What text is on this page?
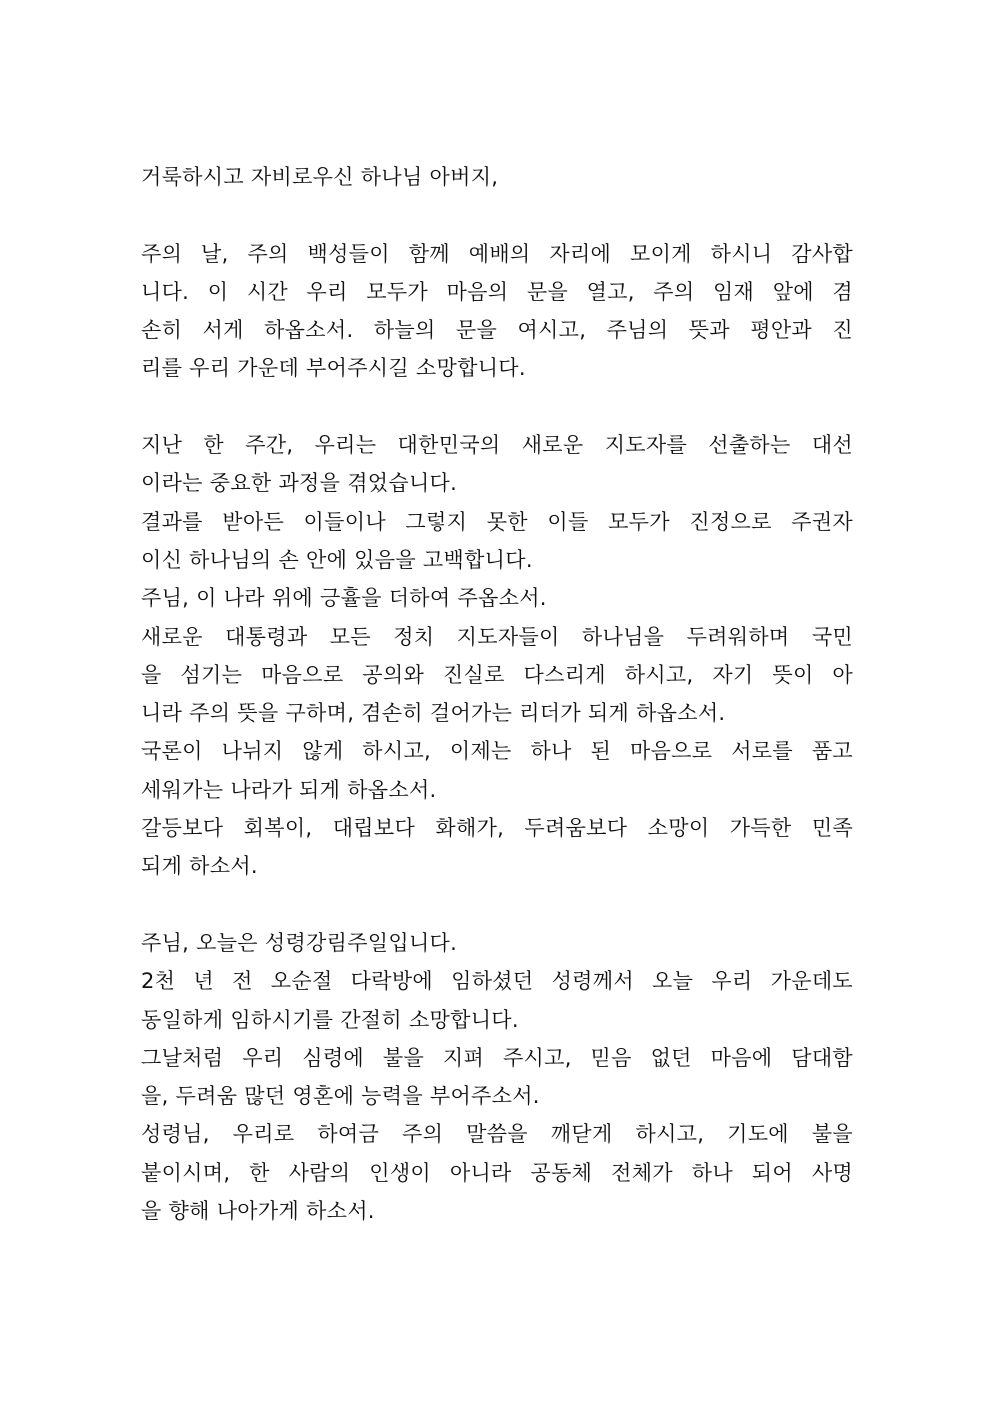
거룩하시고 자비로우신 하나님 아버지,
주의 날, 주의 백성들이 함께 예배의 자리에 모이게 하시니 감사합
니다. 이 시간 우리 모두가 마음의 문을 열고, 주의 임재 앞에 겸
손히 서게 하옵소서. 하늘의 문을 여시고, 주님의 뜻과 평안과 진
리를 우리 가운데 부어주시길 소망합니다.
지난 한 주간, 우리는 대한민국의 새로운 지도자를 선출하는 대선
이라는 중요한 과정을 겪었습니다.
결과를 받아든 이들이나 그렇지 못한 이들 모두가 진정으로 주권자
이신 하나님의 손 안에 있음을 고백합니다.
주님, 이 나라 위에 긍휼을 더하여 주옵소서.
새로운 대통령과 모든 정치 지도자들이 하나님을 두려워하며 국민
을 섬기는 마음으로 공의와 진실로 다스리게 하시고, 자기 뜻이 아
니라 주의 뜻을 구하며, 겸손히 걸어가는 리더가 되게 하옵소서.
국론이 나뉘지 않게 하시고, 이제는 하나 된 마음으로 서로를 품고
세워가는 나라가 되게 하옵소서.
갈등보다 회복이, 대립보다 화해가, 두려움보다 소망이 가득한 민족
되게 하소서.
주님, 오늘은 성령강림주일입니다.
2천 년 전 오순절 다락방에 임하셨던 성령께서 오늘 우리 가운데도
동일하게 임하시기를 간절히 소망합니다.
그날처럼 우리 심령에 불을 지펴 주시고, 믿음 없던 마음에 담대함
을, 두려움 많던 영혼에 능력을 부어주소서.
성령님, 우리로 하여금 주의 말씀을 깨닫게 하시고, 기도에 불을
붙이시며, 한 사람의 인생이 아니라 공동체 전체가 하나 되어 사명
을 향해 나아가게 하소서.
